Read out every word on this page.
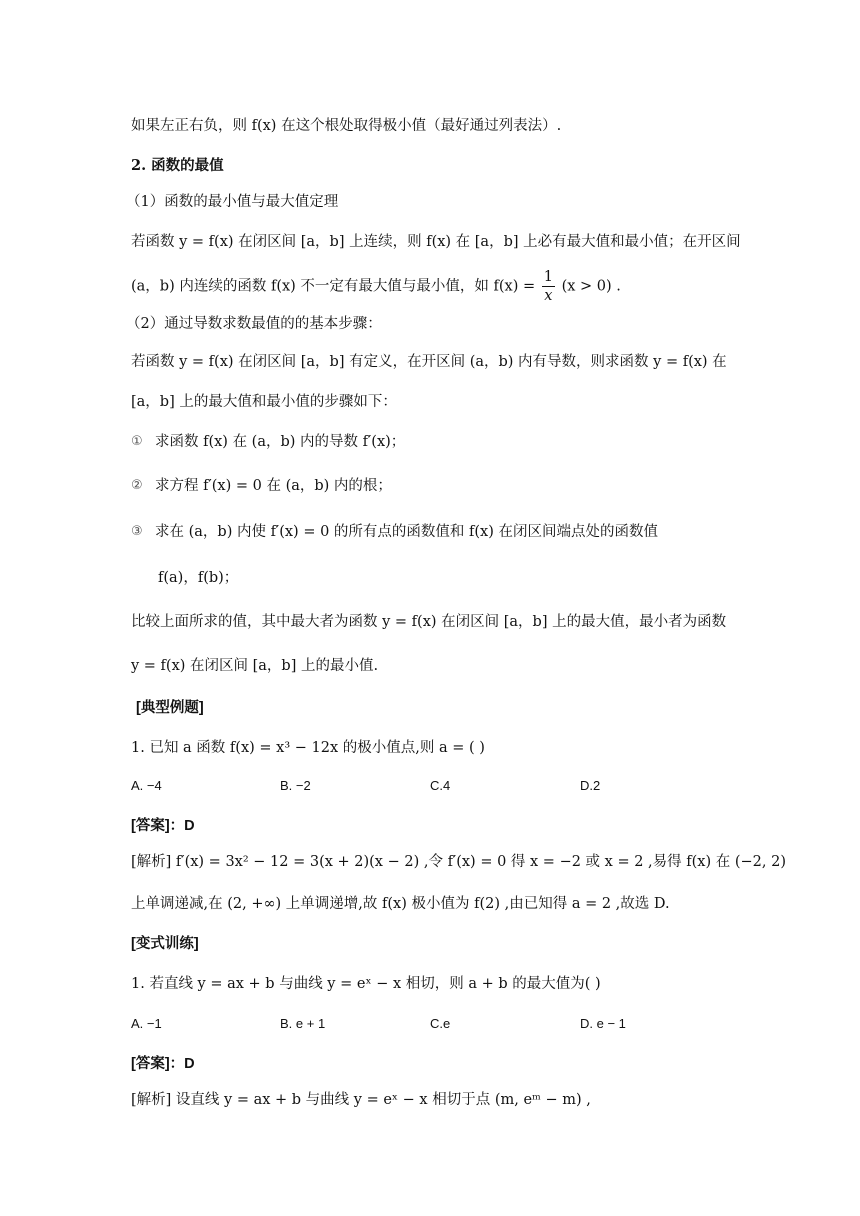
如果左正右负，则 f(x) 在这个根处取得极小值（最好通过列表法）.
2. 函数的最值
（1）函数的最小值与最大值定理
若函数 y = f(x) 在闭区间 [a，b] 上连续，则 f(x) 在 [a，b] 上必有最大值和最小值；在开区间
(a，b) 内连续的函数 f(x) 不一定有最大值与最小值，如 $f(x) = \frac{1}{x} (x > 0)$ .
（2）通过导数求数最值的的基本步骤：
若函数 y = f(x) 在闭区间 [a，b] 有定义，在开区间 (a，b) 内有导数，则求函数 y = f(x) 在
[a，b] 上的最大值和最小值的步骤如下：
① 求函数 f(x) 在 (a，b) 内的导数 f′(x)；
② 求方程 f′(x) = 0 在 (a，b) 内的根；
③ 求在 (a，b) 内使 f′(x) = 0 的所有点的函数值和 f(x) 在闭区间端点处的函数值
f(a)，f(b)；
比较上面所求的值，其中最大者为函数 y = f(x) 在闭区间 [a，b] 上的最大值，最小者为函数
y = f(x) 在闭区间 [a，b] 上的最小值.
[典型例题]
1. 已知 a 函数 f(x) = x³ − 12x 的极小值点,则 a = ( )
A. −4	B. −2	C.4	D.2
[答案]：D
[解析] f′(x) = 3x² − 12 = 3(x + 2)(x − 2) ,令 f′(x) = 0 得 x = −2 或 x = 2 ,易得 f(x) 在 (−2, 2)
上单调递减,在 (2, +∞) 上单调递增,故 f(x) 极小值为 f(2) ,由已知得 a = 2 ,故选 D.
[变式训练]
1. 若直线 y = ax + b 与曲线 y = eˣ − x 相切，则 a + b 的最大值为( )
A. −1	B. e + 1	C.e	D. e − 1
[答案]：D
[解析] 设直线 y = ax + b 与曲线 y = eˣ − x 相切于点 (m, eᵐ − m) ,
